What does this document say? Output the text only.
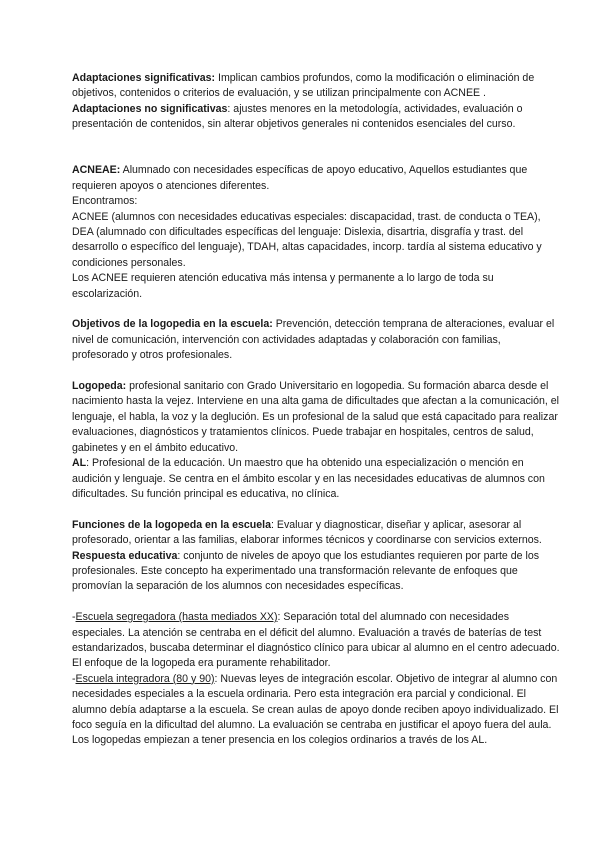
Adaptaciones significativas: Implican cambios profundos, como la modificación o eliminación de objetivos, contenidos o criterios de evaluación, y se utilizan principalmente con ACNEE .

Adaptaciones no significativas: ajustes menores en la metodología, actividades, evaluación o presentación de contenidos, sin alterar objetivos generales ni contenidos esenciales del curso.

ACNEAE: Alumnado con necesidades específicas de apoyo educativo, Aquellos estudiantes que requieren apoyos o atenciones diferentes.

Encontramos:

ACNEE (alumnos con necesidades educativas especiales: discapacidad, trast. de conducta o TEA), DEA (alumnado con dificultades específicas del lenguaje: Dislexia, disartria, disgrafía y trast. del desarrollo o específico del lenguaje), TDAH, altas capacidades, incorp. tardía al sistema educativo y condiciones personales.

Los ACNEE requieren atención educativa más intensa y permanente a lo largo de toda su escolarización.

Objetivos de la logopedia en la escuela: Prevención, detección temprana de alteraciones, evaluar el nivel de comunicación, intervención con actividades adaptadas y colaboración con familias, profesorado y otros profesionales.

Logopeda: profesional sanitario con Grado Universitario en logopedia. Su formación abarca desde el nacimiento hasta la vejez. Interviene en una alta gama de dificultades que afectan a la comunicación, el lenguaje, el habla, la voz y la deglución. Es un profesional de la salud que está capacitado para realizar evaluaciones, diagnósticos y tratamientos clínicos. Puede trabajar en hospitales, centros de salud, gabinetes y en el ámbito educativo.

AL: Profesional de la educación. Un maestro que ha obtenido una especialización o mención en audición y lenguaje. Se centra en el ámbito escolar y en las necesidades educativas de alumnos con dificultades. Su función principal es educativa, no clínica.

Funciones de la logopeda en la escuela: Evaluar y diagnosticar, diseñar y aplicar, asesorar al profesorado, orientar a las familias, elaborar informes técnicos y coordinarse con servicios externos.

Respuesta educativa: conjunto de niveles de apoyo que los estudiantes requieren por parte de los profesionales. Este concepto ha experimentado una transformación relevante de enfoques que promovían la separación de los alumnos con necesidades específicas.

-Escuela segregadora (hasta mediados XX): Separación total del alumnado con necesidades especiales. La atención se centraba en el déficit del alumno. Evaluación a través de baterías de test estandarizados, buscaba determinar el diagnóstico clínico para ubicar al alumno en el centro adecuado. El enfoque de la logopeda era puramente rehabilitador.

-Escuela integradora (80 y 90): Nuevas leyes de integración escolar. Objetivo de integrar al alumno con necesidades especiales a la escuela ordinaria. Pero esta integración era parcial y condicional. El alumno debía adaptarse a la escuela. Se crean aulas de apoyo donde reciben apoyo individualizado. El foco seguía en la dificultad del alumno. La evaluación se centraba en justificar el apoyo fuera del aula. Los logopedas empiezan a tener presencia en los colegios ordinarios a través de los AL.
